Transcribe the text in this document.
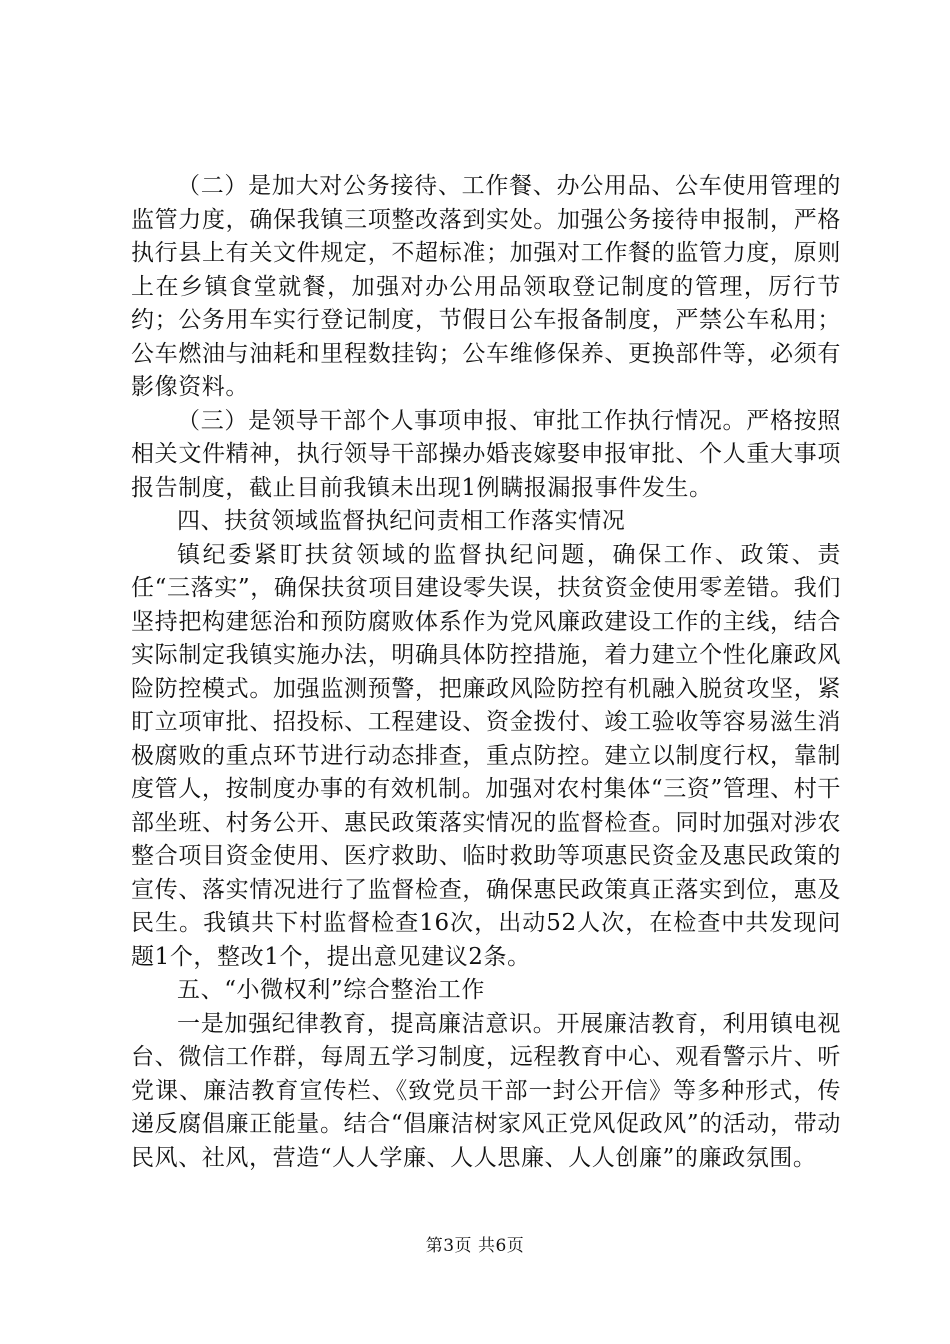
（二）是加大对公务接待、工作餐、办公用品、公车使用管理的监管力度，确保我镇三项整改落到实处。加强公务接待申报制，严格执行县上有关文件规定，不超标准；加强对工作餐的监管力度，原则上在乡镇食堂就餐，加强对办公用品领取登记制度的管理，厉行节约；公务用车实行登记制度，节假日公车报备制度，严禁公车私用；公车燃油与油耗和里程数挂钩；公车维修保养、更换部件等，必须有影像资料。

（三）是领导干部个人事项申报、审批工作执行情况。严格按照相关文件精神，执行领导干部操办婚丧嫁娶申报审批、个人重大事项报告制度，截止目前我镇未出现1例瞒报漏报事件发生。

四、扶贫领域监督执纪问责相工作落实情况

镇纪委紧盯扶贫领域的监督执纪问题，确保工作、政策、责任“三落实”，确保扶贫项目建设零失误，扶贫资金使用零差错。我们坚持把构建惩治和预防腐败体系作为党风廉政建设工作的主线，结合实际制定我镇实施办法，明确具体防控措施，着力建立个性化廉政风险防控模式。加强监测预警，把廉政风险防控有机融入脱贫攻坚，紧盯立项审批、招投标、工程建设、资金拨付、竣工验收等容易滋生消极腐败的重点环节进行动态排查，重点防控。建立以制度行权，靠制度管人，按制度办事的有效机制。加强对农村集体“三资”管理、村干部坐班、村务公开、惠民政策落实情况的监督检查。同时加强对涉农整合项目资金使用、医疗救助、临时救助等项惠民资金及惠民政策的宣传、落实情况进行了监督检查，确保惠民政策真正落实到位，惠及民生。我镇共下村监督检查16次，出动52人次，在检查中共发现问题1个，整改1个，提出意见建议2条。

五、“小微权利”综合整治工作

一是加强纪律教育，提高廉洁意识。开展廉洁教育，利用镇电视台、微信工作群，每周五学习制度，远程教育中心、观看警示片、听党课、廉洁教育宣传栏、《致党员干部一封公开信》等多种形式，传递反腐倡廉正能量。结合“倡廉洁树家风正党风促政风”的活动，带动民风、社风，营造“人人学廉、人人思廉、人人创廉”的廉政氛围。

第3页 共6页
